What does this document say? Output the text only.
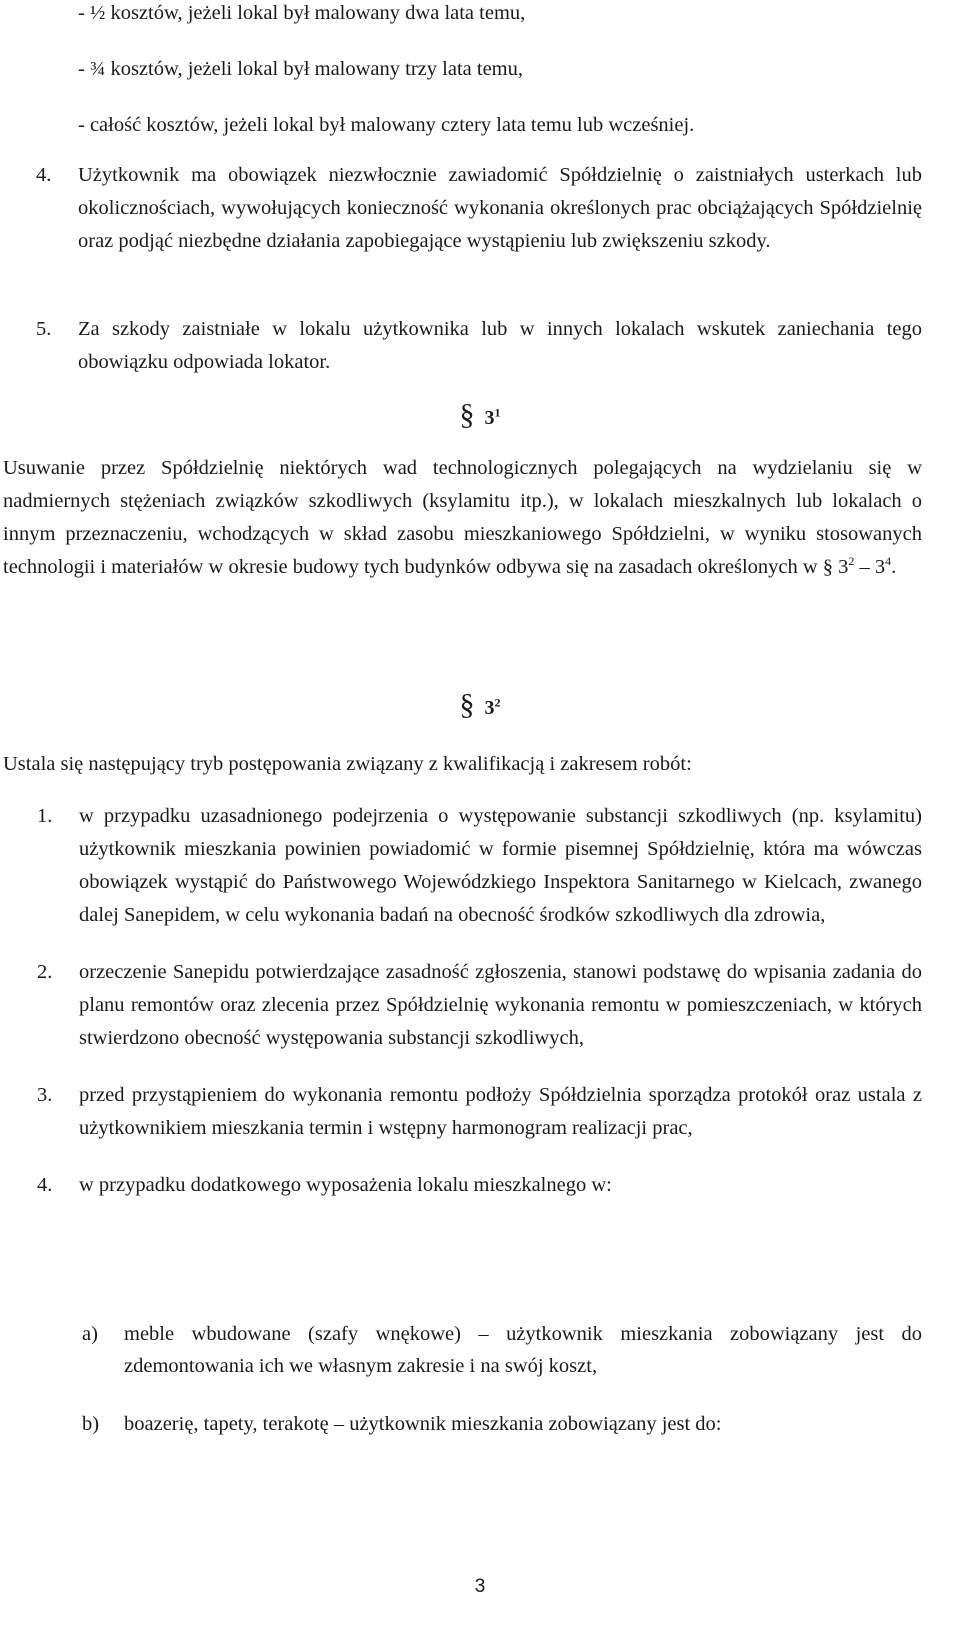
- ½ kosztów, jeżeli lokal był malowany dwa lata temu,
- ¾ kosztów, jeżeli lokal był malowany trzy lata temu,
- całość kosztów, jeżeli lokal był malowany cztery lata temu lub wcześniej.
4.	Użytkownik ma obowiązek niezwłocznie zawiadomić Spółdzielnię o zaistniałych usterkach lub okolicznościach, wywołujących konieczność wykonania określonych prac obciążających Spółdzielnię oraz podjąć niezbędne działania zapobiegające wystąpieniu lub zwiększeniu szkody.
5.	Za szkody zaistniałe w lokalu użytkownika lub w innych lokalach wskutek zaniechania tego obowiązku odpowiada lokator.
§ $3^1$
Usuwanie przez Spółdzielnię niektórych wad technologicznych polegających na wydzielaniu się w nadmiernych stężeniach związków szkodliwych (ksylamitu itp.), w lokalach mieszkalnych lub lokalach o innym przeznaczeniu, wchodzących w skład zasobu mieszkaniowego Spółdzielni, w wyniku stosowanych technologii i materiałów w okresie budowy tych budynków odbywa się na zasadach określonych w § $3^2 - 3^4$.
§ $3^2$
Ustala się następujący tryb postępowania związany z kwalifikacją i zakresem robót:
1. w przypadku uzasadnionego podejrzenia o występowanie substancji szkodliwych (np. ksylamitu) użytkownik mieszkania powinien powiadomić w formie pisemnej Spółdzielnię, która ma wówczas obowiązek wystąpić do Państwowego Wojewódzkiego Inspektora Sanitarnego w Kielcach, zwanego dalej Sanepidem, w celu wykonania badań na obecność środków szkodliwych dla zdrowia,
2. orzeczenie Sanepidu potwierdzające zasadność zgłoszenia, stanowi podstawę do wpisania zadania do planu remontów oraz zlecenia przez Spółdzielnię wykonania remontu w pomieszczeniach, w których stwierdzono obecność występowania substancji szkodliwych,
3. przed przystąpieniem do wykonania remontu podłoży Spółdzielnia sporządza protokół oraz ustala z użytkownikiem mieszkania termin i wstępny harmonogram realizacji prac,
4. w przypadku dodatkowego wyposażenia lokalu mieszkalnego w:
a) meble wbudowane (szafy wnękowe) – użytkownik mieszkania zobowiązany jest do zdemontowania ich we własnym zakresie i na swój koszt,
b) boazerię, tapety, terakotę – użytkownik mieszkania zobowiązany jest do:
3
